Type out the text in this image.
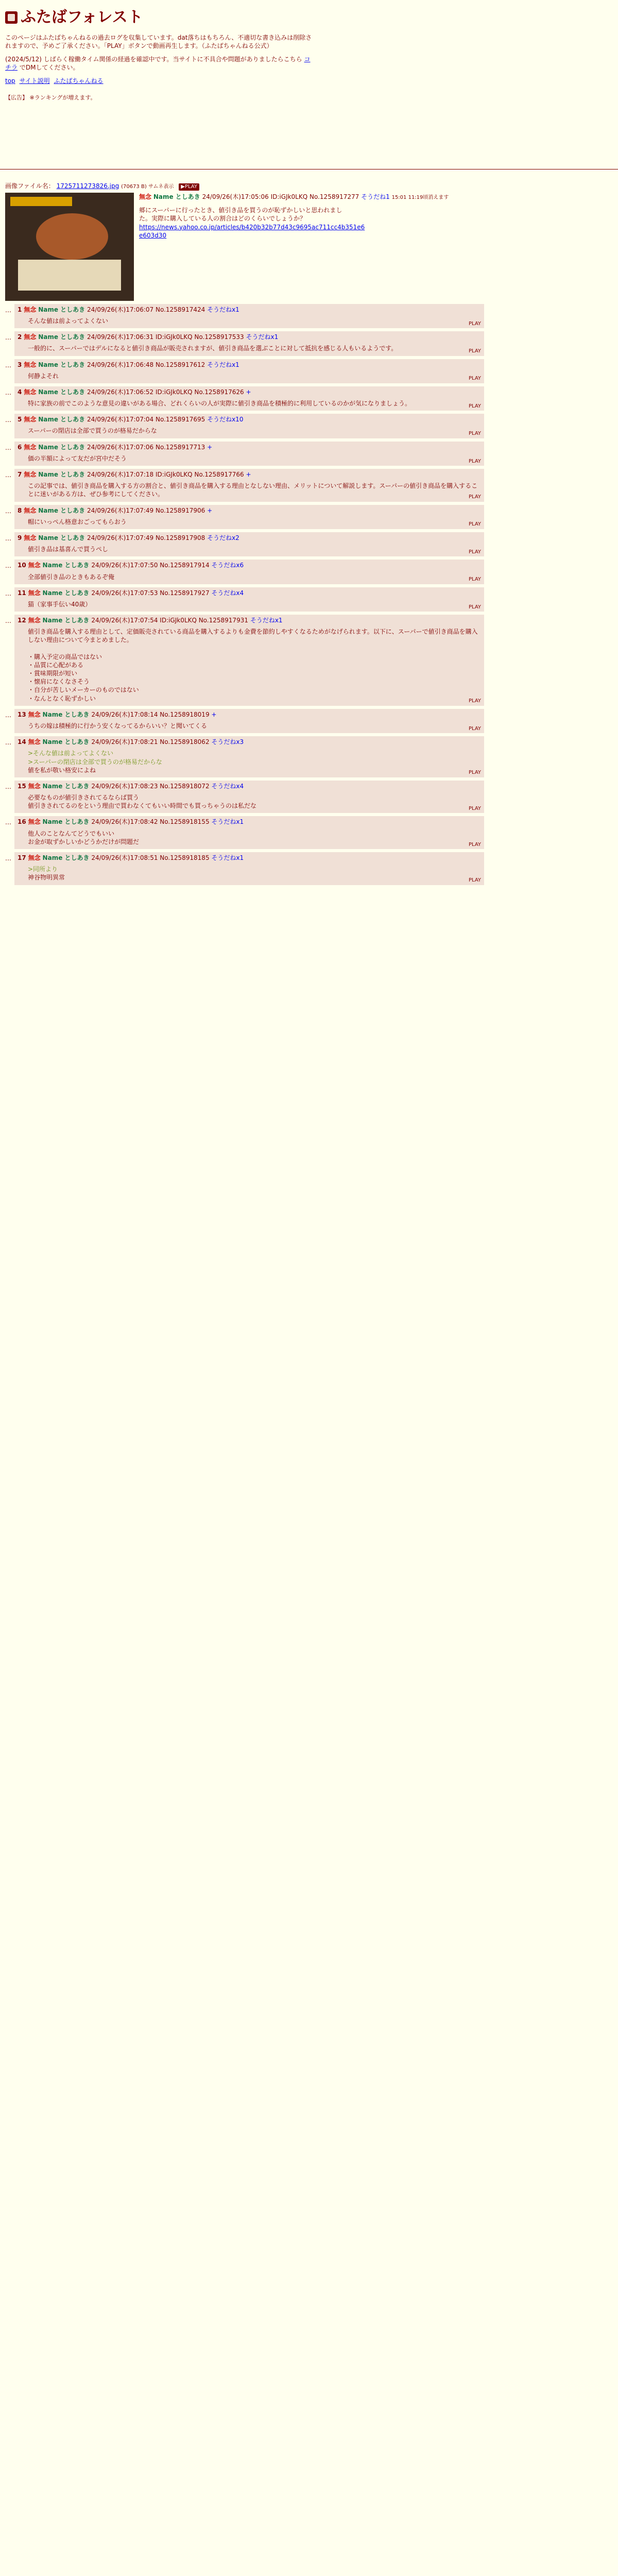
ふたばフォレスト

このページはふたばちゃんねるの過去ログを収集しています。dat落ちはもちろん、不適切な書き込みは削除されますので、予めご了承ください。「PLAY」ボタンで動画再生します。（ふたばちゃんねる公式）

(2024/5/12) しばらく稼働タイム関係の経過を確認中です。当サイトに不具合や問題がありましたらこちら コチラ でDMしてください。

top サイト説明 ふたばちゃんねる
【広告】 ※ランキングが増えます。
画像ファイル名： 1725711273826.jpg (70673 B) サムネ表示 ▶PLAY
無念 Name としあき 24/09/26(木)17:05:06 ID:iGJk0LKQ No.1258917277 そうだね1 15:01 11:19頃消えます
郷にスーパーに行ったとき、値引き品を買うのが恥ずかしいと思われまし
た。実際に購入している人の割合はどのくらいでしょうか？
https://news.yahoo.co.jp/articles/b420b32b77d43c9695ac711cc4b351e6
e603d30
…	1 無念 Name としあき 24/09/26(木)17:06:07 No.1258917424 そうだねx1
そんな値は前よってよくない	PLAY
…	2 無念 Name としあき 24/09/26(木)17:06:31 ID:iGJk0LKQ No.1258917533 そうだねx1
一般的に、スーパーではデルになると値引き商品が販売されますが、値引き商品を選ぶことに対して抵抗を感じる人もいるようです。	PLAY
…	3 無念 Name としあき 24/09/26(木)17:06:48 No.1258917612 そうだねx1
何静よそれ	PLAY
…	4 無念 Name としあき 24/09/26(木)17:06:52 ID:iGJk0LKQ No.1258917626 +
特に家族の前でこのような意見の違いがある場合、どれくらいの人が実際に値引き商品を積極的に利用しているのかが気になりましょう。	PLAY
…	5 無念 Name としあき 24/09/26(木)17:07:04 No.1258917695 そうだねx10
スーパーの閉店は全部で買うのが格易だからな	PLAY
…	6 無念 Name としあき 24/09/26(木)17:07:06 No.1258917713 +
価の半額によって友だが宮中だそう	PLAY
…	7 無念 Name としあき 24/09/26(木)17:07:18 ID:iGJk0LKQ No.1258917766 +
この記事では、値引き商品を購入する方の割合と、値引き商品を購入する理由となしない理由、メリットについて解説します。スーパーの値引き商品を購入することに迷いがある方は、ぜひ参考にしてください。	PLAY
…	8 無念 Name としあき 24/09/26(木)17:07:49 No.1258917906 +
帽にいっぺん格意おごってもらおう	PLAY
…	9 無念 Name としあき 24/09/26(木)17:07:49 No.1258917908 そうだねx2
値引き品は基喜んで買うぺし	PLAY
…	10 無念 Name としあき 24/09/26(木)17:07:50 No.1258917914 そうだねx6
全部値引き品のときもあるぞ俺	PLAY
…	11 無念 Name としあき 24/09/26(木)17:07:53 No.1258917927 そうだねx4
猫（家事手伝い40歳）	PLAY
…	12 無念 Name としあき 24/09/26(木)17:07:54 ID:iGJk0LKQ No.1258917931 そうだねx1
値引き商品を購入する理由として、定価販売されている商品を購入するよりも金費を節約しやすくなるためがなげられます。以下に、スーパーで値引き商品を購入しない理由について今まとめました。
・購入予定の商品ではない
・品質に心配がある
・賞味期限が短い
・懐肩になくなさそう
・自分が苦しいメーカーのものではない
・なんとなく恥ずかしい	PLAY
…	13 無念 Name としあき 24/09/26(木)17:08:14 No.1258918019 +
うちの嫁は積極的に行かう安くなってるからいい？と聞いてくる	PLAY
…	14 無念 Name としあき 24/09/26(木)17:08:21 No.1258918062 そうだねx3
>そんな値は前よってよくない
>スーパーの閉店は全部で買うのが格易だからな
値を私が敬い格安によね	PLAY
…	15 無念 Name としあき 24/09/26(木)17:08:23 No.1258918072 そうだねx4
必要なものが値引きされてるならば買う
値引きされてるのをという理由で買わなくてもいい時間でも買っちゃうのは私だな	PLAY
…	16 無念 Name としあき 24/09/26(木)17:08:42 No.1258918155 そうだねx1
他人のことなんてどうでもいい
お金が取ずかしいかどうかだけが問題だ	PLAY
…	17 無念 Name としあき 24/09/26(木)17:08:51 No.1258918185 そうだねx1
>同所より
神谷物明異常	PLAY
